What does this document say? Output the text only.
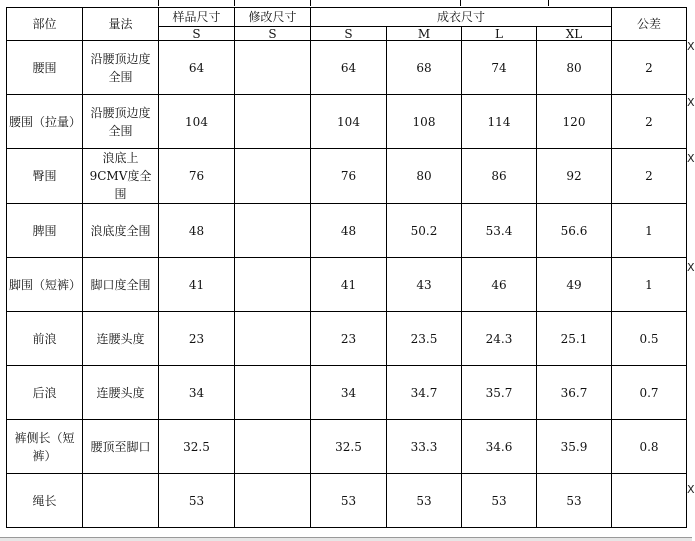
部位	量法	样品尺寸	修改尺寸	成衣尺寸				公差
		S	S	S	M	L	XL	
腰围	沿腰顶边度全围	64		64	68	74	80	2
腰围（拉量）	沿腰顶边度全围	104		104	108	114	120	2
臀围	浪底上9CMV度全围	76		76	80	86	92	2
脾围	浪底度全围	48		48	50.2	53.4	56.6	1
脚围（短裤）	脚口度全围	41		41	43	46	49	1
前浪	连腰头度	23		23	23.5	24.3	25.1	0.5
后浪	连腰头度	34		34	34.7	35.7	36.7	0.7
裤侧长（短裤）	腰顶至脚口	32.5		32.5	33.3	34.6	35.9	0.8
绳长		53		53	53	53	53	
X
X
X
X
X
